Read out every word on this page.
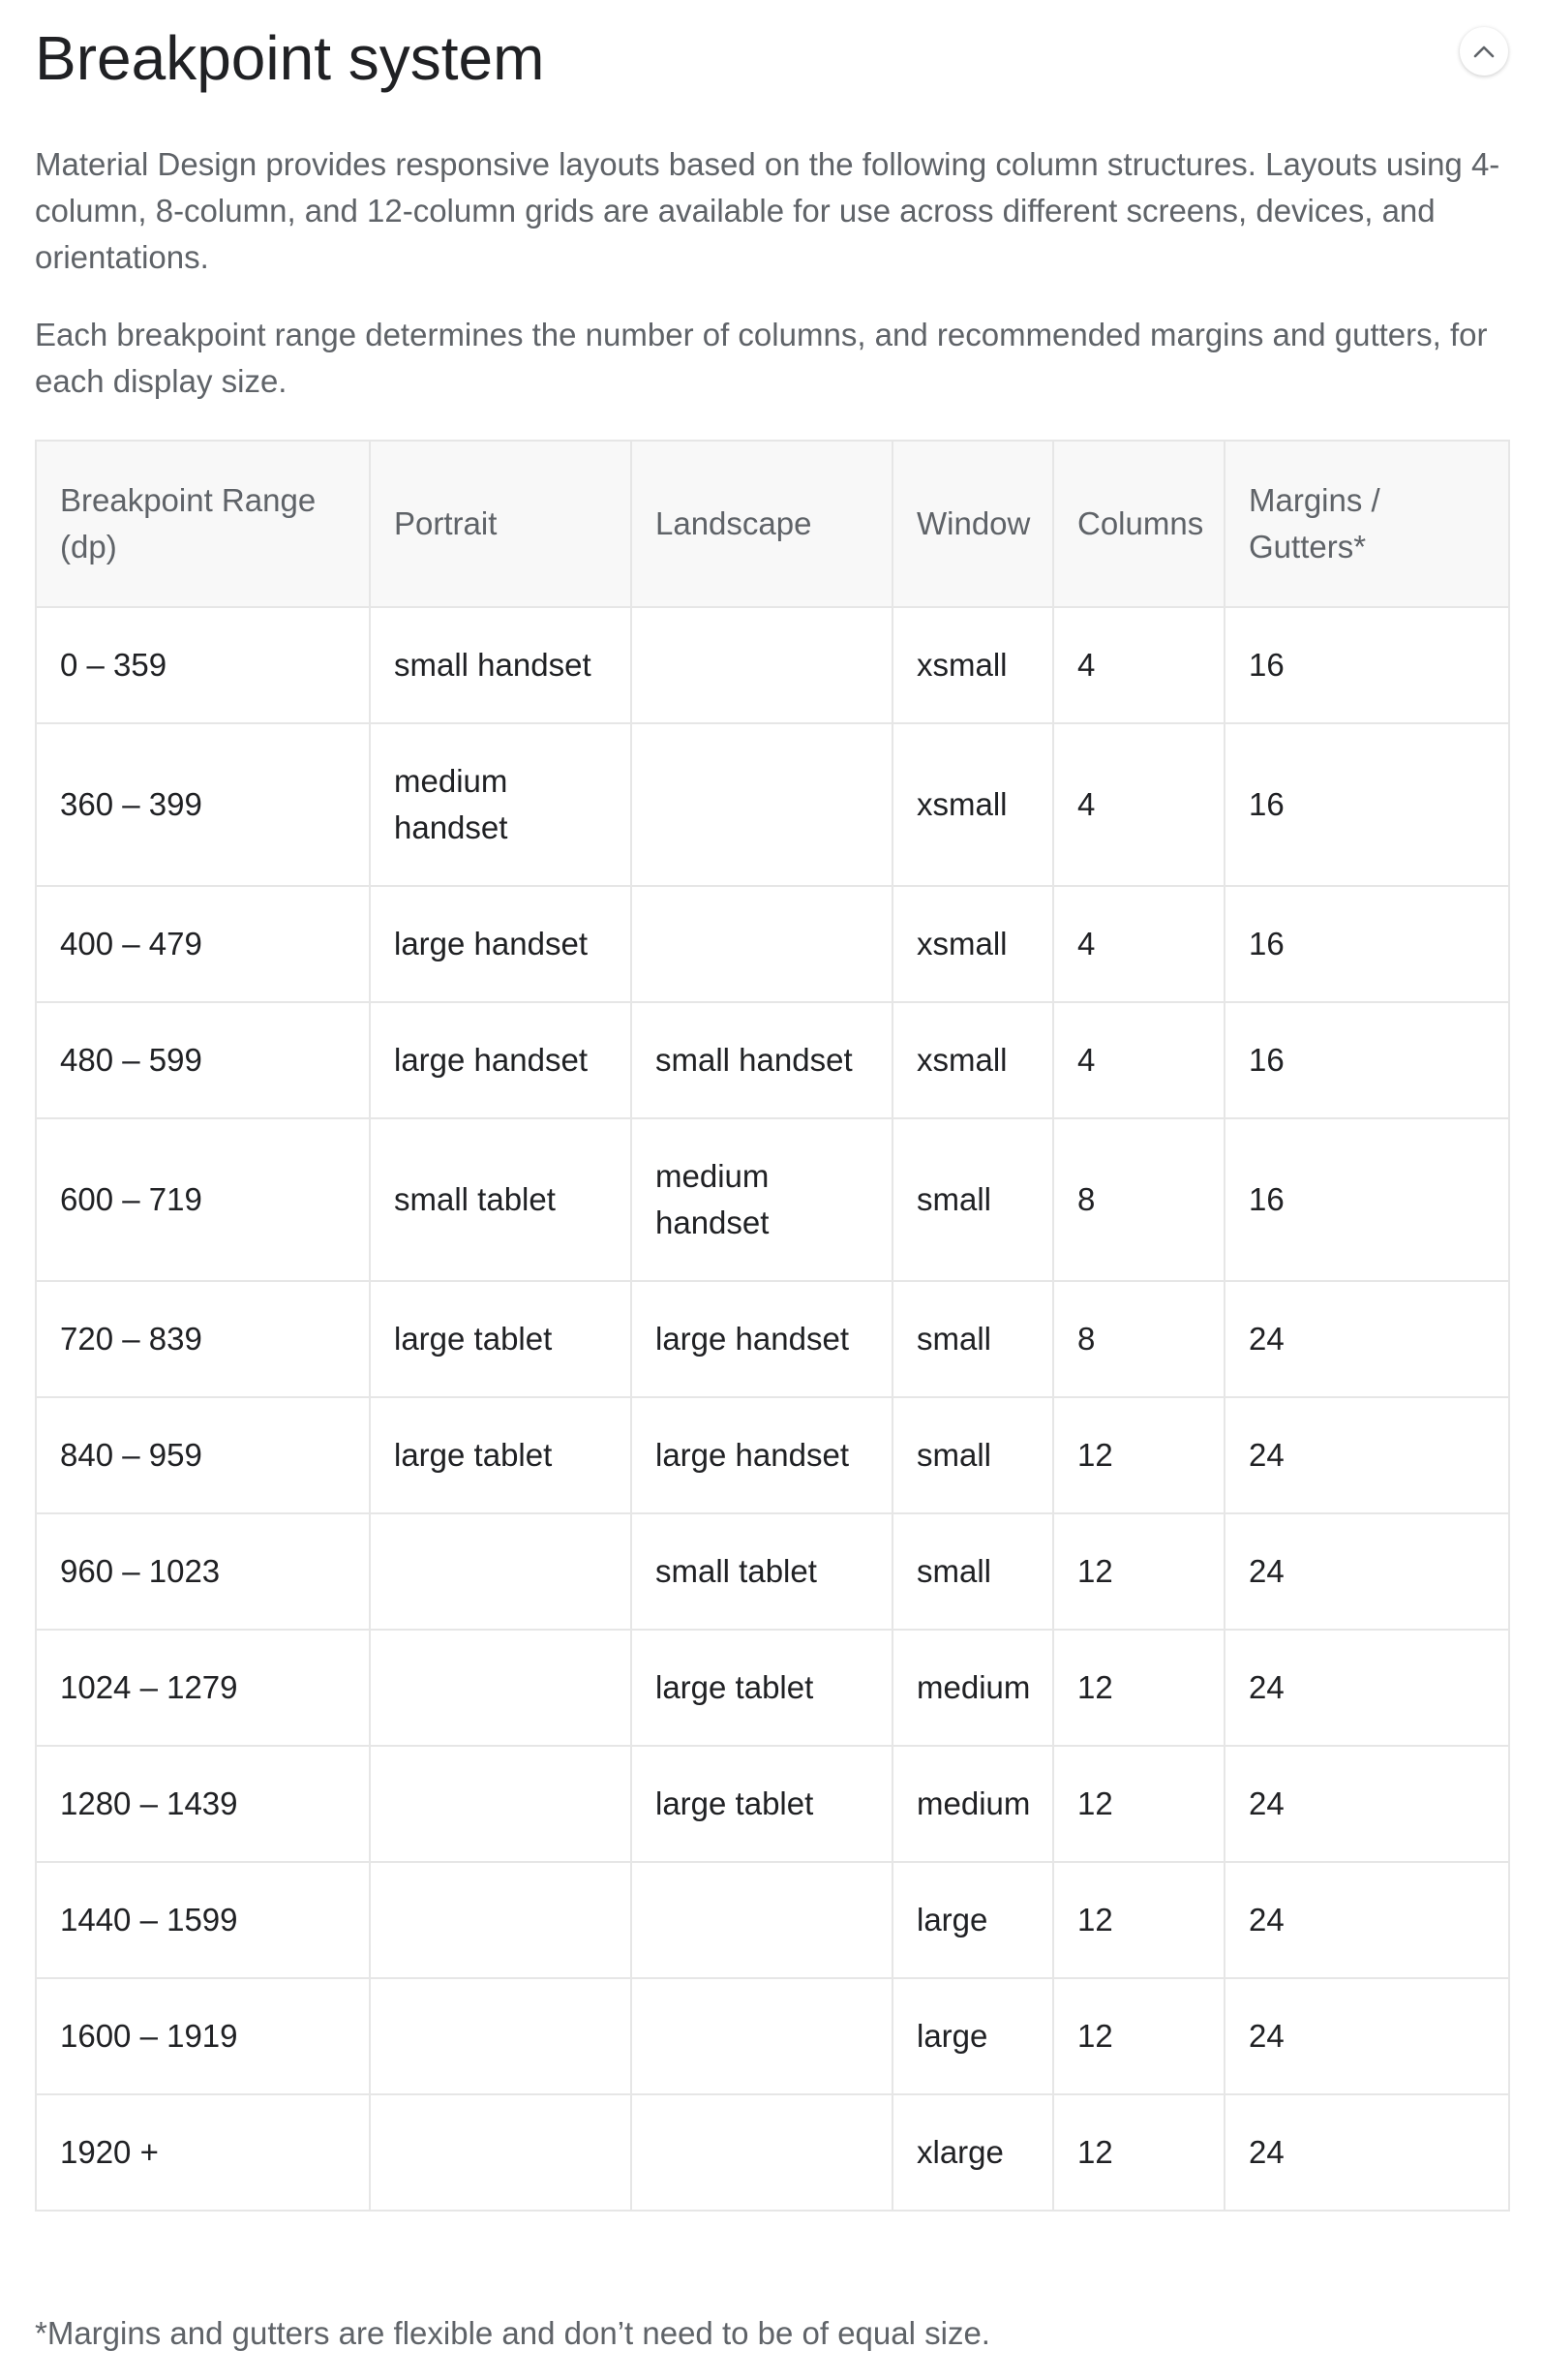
Breakpoint system

Material Design provides responsive layouts based on the following column structures. Layouts using 4-column, 8-column, and 12-column grids are available for use across different screens, devices, and orientations.

Each breakpoint range determines the number of columns, and recommended margins and gutters, for each display size.

Breakpoint Range (dp)	Portrait	Landscape	Window	Columns	Margins / Gutters*
0 – 359	small handset		xsmall	4	16
360 – 399	medium handset		xsmall	4	16
400 – 479	large handset		xsmall	4	16
480 – 599	large handset	small handset	xsmall	4	16
600 – 719	small tablet	medium handset	small	8	16
720 – 839	large tablet	large handset	small	8	24
840 – 959	large tablet	large handset	small	12	24
960 – 1023		small tablet	small	12	24
1024 – 1279		large tablet	medium	12	24
1280 – 1439		large tablet	medium	12	24
1440 – 1599			large	12	24
1600 – 1919			large	12	24
1920 +			xlarge	12	24

*Margins and gutters are flexible and don’t need to be of equal size.
